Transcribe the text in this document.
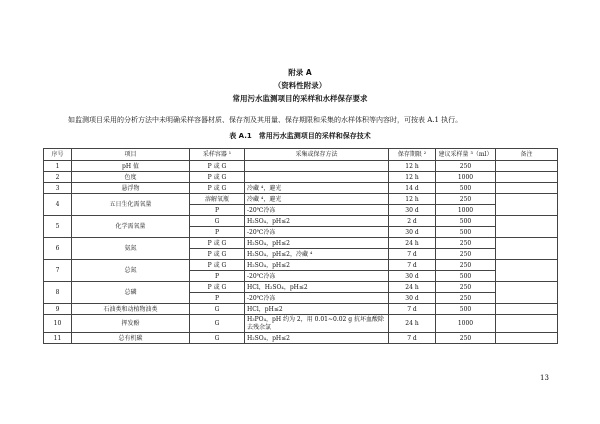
附录 A
（资料性附录）
常用污水监测项目的采样和水样保存要求
如监测项目采用的分析方法中未明确采样容器材质、保存剂及其用量、保存期限和采集的水样体积等内容时，可按表 A.1 执行。
表 A.1　常用污水监测项目的采样和保存技术
序号	项目	采样容器 ¹	采集或保存方法	保存期限 ²	建议采样量 ³（ml）	备注
1	pH 值	P 或 G		12 h	250	
2	色度	P 或 G		12 h	1000	
3	悬浮物	P 或 G	冷藏 ⁴，避光	14 d	500	
4	五日生化需氧量	溶解氧瓶	冷藏 ⁴，避光	12 h	250	
		P	-20℃冷冻	30 d	1000	
5	化学需氧量	G	H₂SO₄，pH≤2	2 d	500	
		P	-20℃冷冻	30 d	500	
6	氨氮	P 或 G	H₂SO₄，pH≤2	24 h	250	
		P 或 G	H₂SO₄，pH≤2，冷藏 ⁴	7 d	250	
7	总氮	P 或 G	H₂SO₄，pH≤2	7 d	250	
		P	-20℃冷冻	30 d	500	
8	总磷	P 或 G	HCl，H₂SO₄，pH≤2	24 h	250	
		P	-20℃冷冻	30 d	250	
9	石油类和动植物油类	G	HCl，pH≤2	7 d	500	
10	挥发酚	G	H₃PO₄，pH 约为 2，用 0.01~0.02 g 抗坏血酸除去残余氯	24 h	1000	
11	总有机碳	G	H₂SO₄，pH≤2	7 d	250	
13
